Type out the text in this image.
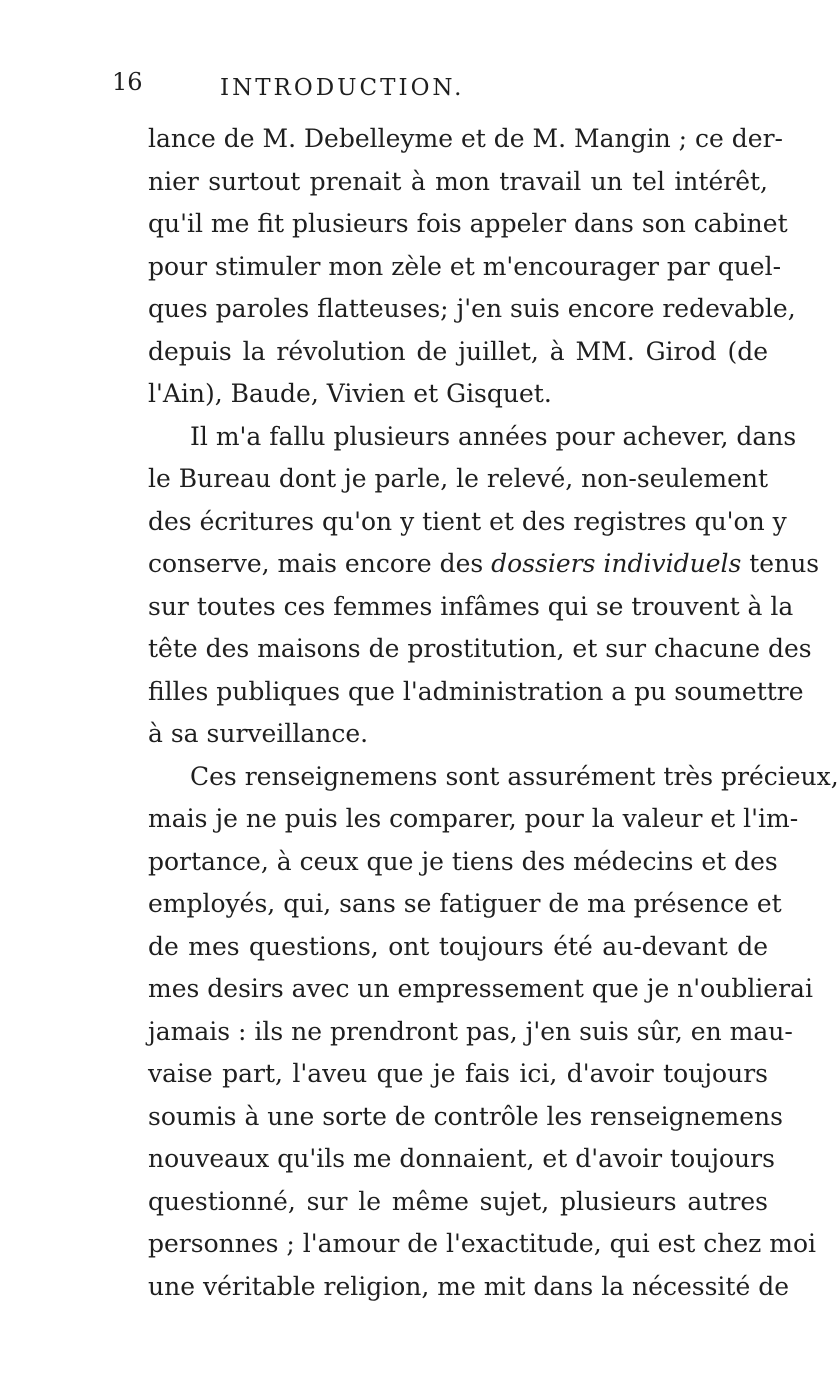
16	INTRODUCTION.
lance de M. Debelleyme et de M. Mangin ; ce der-
nier surtout prenait à mon travail un tel intérêt,
qu'il me fit plusieurs fois appeler dans son cabinet
pour stimuler mon zèle et m'encourager par quel-
ques paroles flatteuses; j'en suis encore redevable,
depuis la révolution de juillet, à MM. Girod (de
l'Ain), Baude, Vivien et Gisquet.
Il m'a fallu plusieurs années pour achever, dans
le Bureau dont je parle, le relevé, non-seulement
des écritures qu'on y tient et des registres qu'on y
conserve, mais encore des dossiers individuels tenus
sur toutes ces femmes infâmes qui se trouvent à la
tête des maisons de prostitution, et sur chacune des
filles publiques que l'administration a pu soumettre
à sa surveillance.
Ces renseignemens sont assurément très précieux,
mais je ne puis les comparer, pour la valeur et l'im-
portance, à ceux que je tiens des médecins et des
employés, qui, sans se fatiguer de ma présence et
de mes questions, ont toujours été au-devant de
mes desirs avec un empressement que je n'oublierai
jamais : ils ne prendront pas, j'en suis sûr, en mau-
vaise part, l'aveu que je fais ici, d'avoir toujours
soumis à une sorte de contrôle les renseignemens
nouveaux qu'ils me donnaient, et d'avoir toujours
questionné, sur le même sujet, plusieurs autres
personnes ; l'amour de l'exactitude, qui est chez moi
une véritable religion, me mit dans la nécessité de
